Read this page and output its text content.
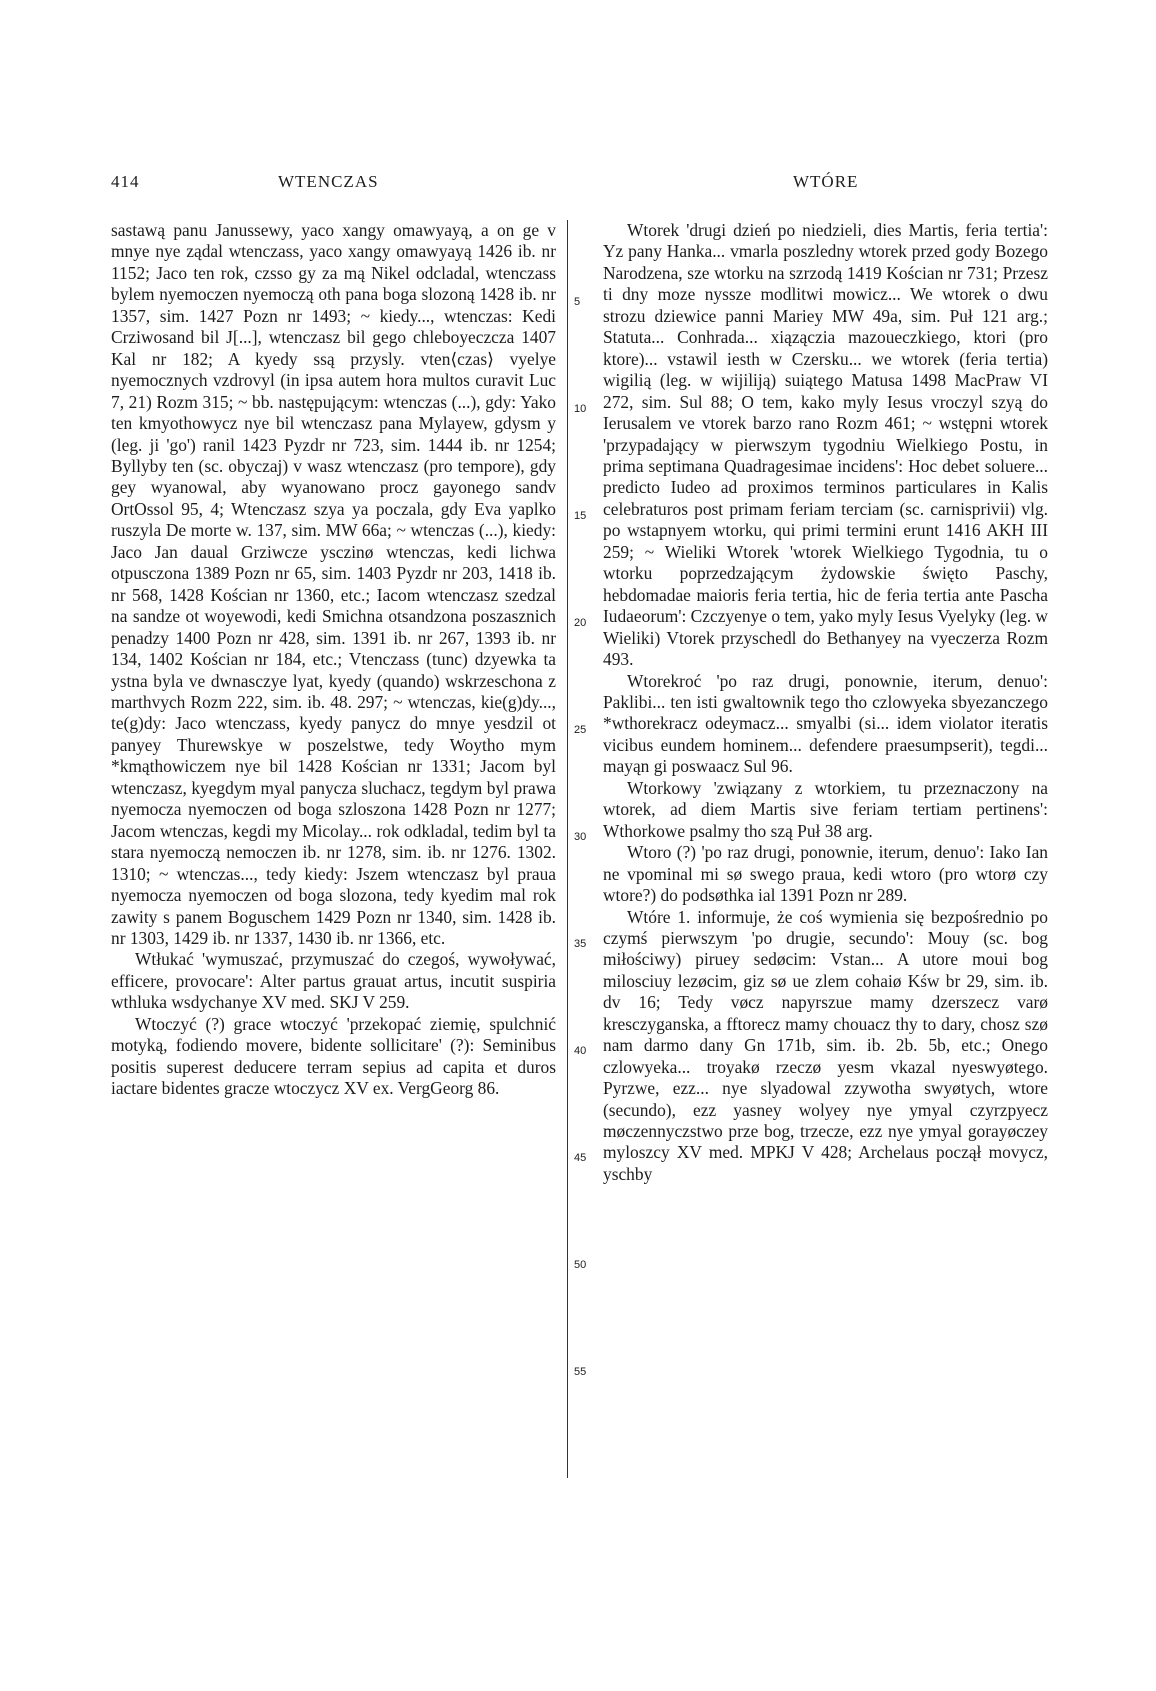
414	WTENCZAS	WTÓRE

sastawą panu Janussewy, yaco xangy omawyayą, a on ge v mnye nye ządal wtenczass, yaco xangy omawyayą 1426 ib. nr 1152; Jaco ten rok, czsso gy za mą Nikel odcladal, wtenczass bylem nyemoczen nyemoczą oth pana boga slozoną 1428 ib. nr 1357, sim. 1427 Pozn nr 1493; ~ kiedy..., wtenczas: Kedi Crziwosand bil J[...], wtenczasz bil gego chleboyeczcza 1407 Kal nr 182; A kyedy ssą przysly. vten⟨czas⟩ vyelye nyemocznych vzdrovyl (in ipsa autem hora multos curavit Luc 7, 21) Rozm 315; ~ bb. następującym: wtenczas (...), gdy: Yako ten kmyothowycz nye bil wtenczasz pana Mylayew, gdysm y (leg. ji 'go') ranil 1423 Pyzdr nr 723, sim. 1444 ib. nr 1254; Byllyby ten (sc. obyczaj) v wasz wtenczasz (pro tempore), gdy gey wyanowal, aby wyanowano procz gayonego sandv OrtOssol 95, 4; Wtenczasz szya ya poczala, gdy Eva yaplko ruszyla De morte w. 137, sim. MW 66a; ~ wtenczas (...), kiedy: Jaco Jan daual Grziwcze ysczinø wtenczas, kedi lichwa otpusczona 1389 Pozn nr 65, sim. 1403 Pyzdr nr 203, 1418 ib. nr 568, 1428 Kościan nr 1360, etc.; Iacom wtenczasz szedzal na sandze ot woyewodi, kedi Smichna otsandzona poszasznich penadzy 1400 Pozn nr 428, sim. 1391 ib. nr 267, 1393 ib. nr 134, 1402 Kościan nr 184, etc.; Vtenczass (tunc) dzyewka ta ystna byla ve dwnasczye lyat, kyedy (quando) wskrzeschona z marthvych Rozm 222, sim. ib. 48. 297; ~ wtenczas, kie(g)dy..., te(g)dy: Jaco wtenczass, kyedy panycz do mnye yesdzil ot panyey Thurewskye w poszelstwe, tedy Woytho mym *kmąthowiczem nye bil 1428 Kościan nr 1331; Jacom byl wtenczasz, kyegdym myal panycza sluchacz, tegdym byl prawa nyemocza nyemoczen od boga szloszona 1428 Pozn nr 1277; Jacom wtenczas, kegdi my Micolay... rok odkladal, tedim byl ta stara nyemoczą nemoczen ib. nr 1278, sim. ib. nr 1276. 1302. 1310; ~ wtenczas..., tedy kiedy: Jszem wtenczasz byl praua nyemocza nyemoczen od boga slozona, tedy kyedim mal rok zawity s panem Boguschem 1429 Pozn nr 1340, sim. 1428 ib. nr 1303, 1429 ib. nr 1337, 1430 ib. nr 1366, etc.

Wtłukać 'wymuszać, przymuszać do czegoś, wywoływać, efficere, provocare': Alter partus grauat artus, incutit suspiria wthluka wsdychanye XV med. SKJ V 259.

Wtoczyć (?) grace wtoczyć 'przekopać ziemię, spulchnić motyką, fodiendo movere, bidente sollicitare' (?): Seminibus positis superest deducere terram sepius ad capita et duros iactare bidentes gracze wtoczycz XV ex. VergGeorg 86.

5
10
15
20
25
30
35
40
45
50
55

Wtorek 'drugi dzień po niedzieli, dies Martis, feria tertia': Yz pany Hanka... vmarla poszledny wtorek przed gody Bozego Narodzena, sze wtorku na szrzodą 1419 Kościan nr 731; Przesz ti dny moze nyssze modlitwi mowicz... We wtorek o dwu strozu dziewice panni Mariey MW 49a, sim. Puł 121 arg.; Statuta... Conhrada... xiązączia mazoueczkiego, ktori (pro ktore)... vstawil iesth w Czersku... we wtorek (feria tertia) wigilią (leg. w wijiliją) suiątego Matusa 1498 MacPraw VI 272, sim. Sul 88; O tem, kako myly Iesus vroczyl szyą do Ierusalem ve vtorek barzo rano Rozm 461; ~ wstępni wtorek 'przypadający w pierwszym tygodniu Wielkiego Postu, in prima septimana Quadragesimae incidens': Hoc debet soluere... predicto Iudeo ad proximos terminos particulares in Kalis celebraturos post primam feriam terciam (sc. carnisprivii) vlg. po wstapnyem wtorku, qui primi termini erunt 1416 AKH III 259; ~ Wieliki Wtorek 'wtorek Wielkiego Tygodnia, tu o wtorku poprzedzającym żydowskie święto Paschy, hebdomadae maioris feria tertia, hic de feria tertia ante Pascha Iudaeorum': Czczyenye o tem, yako myly Iesus Vyelyky (leg. w Wieliki) Vtorek przyschedl do Bethanyey na vyeczerza Rozm 493.

Wtorekroć 'po raz drugi, ponownie, iterum, denuo': Paklibi... ten isti gwaltownik tego tho czlowyeka sbyezanczego *wthorekracz odeymacz... smyalbi (si... idem violator iteratis vicibus eundem hominem... defendere praesumpserit), tegdi... mayąn gi poswaacz Sul 96.

Wtorkowy 'związany z wtorkiem, tu przeznaczony na wtorek, ad diem Martis sive feriam tertiam pertinens': Wthorkowe psalmy tho szą Puł 38 arg.

Wtoro (?) 'po raz drugi, ponownie, iterum, denuo': Iako Ian ne vpominal mi sø swego praua, kedi wtoro (pro wtorø czy wtore?) do podsøthka ial 1391 Pozn nr 289.

Wtóre 1. informuje, że coś wymienia się bezpośrednio po czymś pierwszym 'po drugie, secundo': Mouy (sc. bog miłościwy) piruey sedøcim: Vstan... A utore moui bog milosciuy lezøcim, giz sø ue zlem cohaiø Kśw br 29, sim. ib. dv 16; Tedy vøcz napyrszue mamy dzerszecz varø kresczyganska, a fftorecz mamy chouacz thy to dary, chosz szø nam darmo dany Gn 171b, sim. ib. 2b. 5b, etc.; Onego czlowyeka... troyakø rzeczø yesm vkazal nyeswyøtego. Pyrzwe, ezz... nye slyadowal zzywotha swyøtych, wtore (secundo), ezz yasney wolyey nye ymyal czyrzpyecz møczennyczstwo prze bog, trzecze, ezz nye ymyal gorayøczey myloszcy XV med. MPKJ V 428; Archelaus począł movycz, yschby
